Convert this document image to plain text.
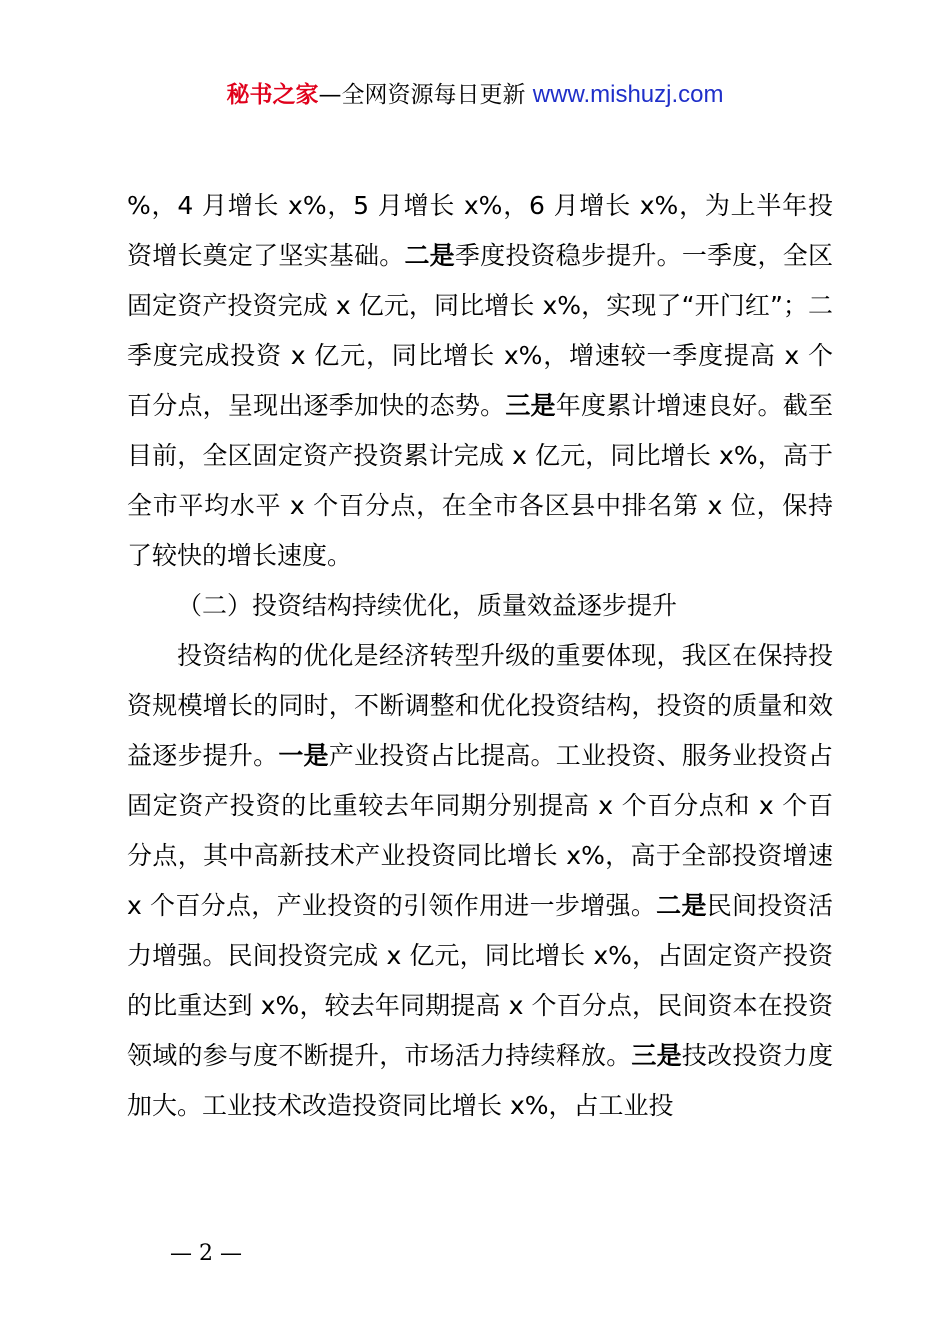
秘书之家—全网资源每日更新 www.mishuzj.com

%，4 月增长 x%，5 月增长 x%，6 月增长 x%，为上半年投资增长奠定了坚实基础。二是季度投资稳步提升。一季度，全区固定资产投资完成 x 亿元，同比增长 x%，实现了“开门红”；二季度完成投资 x 亿元，同比增长 x%，增速较一季度提高 x 个百分点，呈现出逐季加快的态势。三是年度累计增速良好。截至目前，全区固定资产投资累计完成 x 亿元，同比增长 x%，高于全市平均水平 x 个百分点，在全市各区县中排名第 x 位，保持了较快的增长速度。

（二）投资结构持续优化，质量效益逐步提升

投资结构的优化是经济转型升级的重要体现，我区在保持投资规模增长的同时，不断调整和优化投资结构，投资的质量和效益逐步提升。一是产业投资占比提高。工业投资、服务业投资占固定资产投资的比重较去年同期分别提高 x 个百分点和 x 个百分点，其中高新技术产业投资同比增长 x%，高于全部投资增速 x 个百分点，产业投资的引领作用进一步增强。二是民间投资活力增强。民间投资完成 x 亿元，同比增长 x%，占固定资产投资的比重达到 x%，较去年同期提高 x 个百分点，民间资本在投资领域的参与度不断提升，市场活力持续释放。三是技改投资力度加大。工业技术改造投资同比增长 x%，占工业投

— 2 —
